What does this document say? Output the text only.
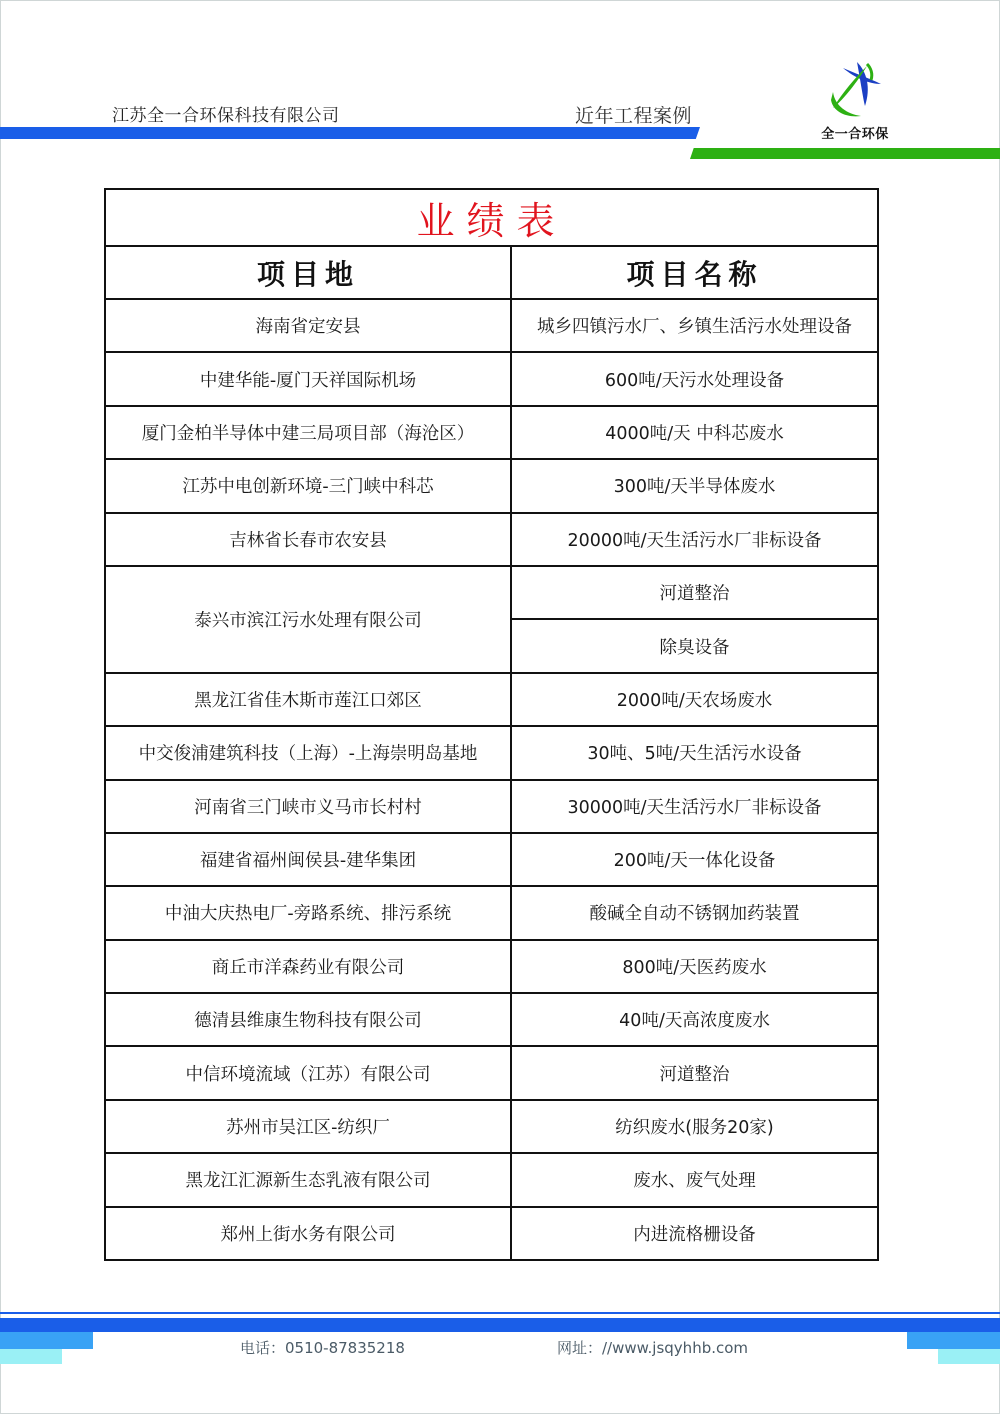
江苏全一合环保科技有限公司	近年工程案例
全一合环保
业绩表	
项目地	项目名称
海南省定安县	城乡四镇污水厂、乡镇生活污水处理设备
中建华能-厦门天祥国际机场	600吨/天污水处理设备
厦门金柏半导体中建三局项目部（海沧区）	4000吨/天 中科芯废水
江苏中电创新环境-三门峡中科芯	300吨/天半导体废水
吉林省长春市农安县	20000吨/天生活污水厂非标设备
泰兴市滨江污水处理有限公司	河道整治
	除臭设备
黑龙江省佳木斯市莲江口郊区	2000吨/天农场废水
中交俊浦建筑科技（上海）-上海崇明岛基地	30吨、5吨/天生活污水设备
河南省三门峡市义马市长村村	30000吨/天生活污水厂非标设备
福建省福州闽侯县-建华集团	200吨/天一体化设备
中油大庆热电厂-旁路系统、排污系统	酸碱全自动不锈钢加药装置
商丘市洋森药业有限公司	800吨/天医药废水
德清县维康生物科技有限公司	40吨/天高浓度废水
中信环境流域（江苏）有限公司	河道整治
苏州市吴江区-纺织厂	纺织废水(服务20家)
黑龙江汇源新生态乳液有限公司	废水、废气处理
郑州上街水务有限公司	内进流格栅设备
电话：0510-87835218	网址：//www.jsqyhhb.com
